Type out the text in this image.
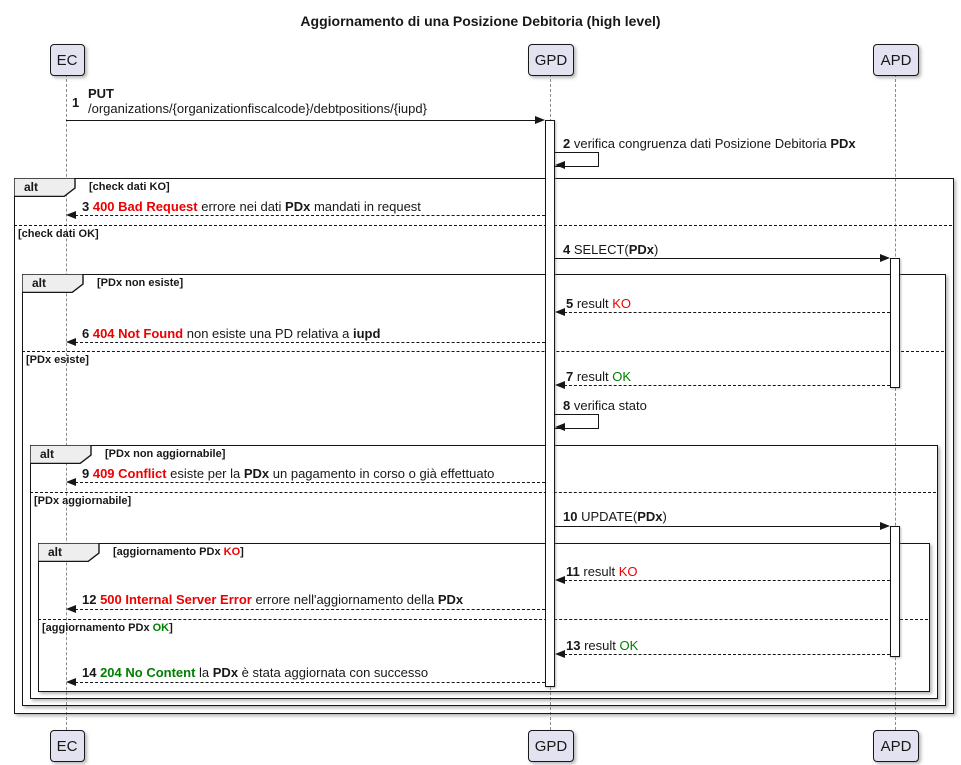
Aggiornamento di una Posizione Debitoria (high level)
alt	[check dati KO]
[check dati OK]
alt	[PDx non esiste]
[PDx esiste]
alt	[PDx non aggiornabile]
[PDx aggiornabile]
alt	[aggiornamento PDx KO]
[aggiornamento PDx OK]
PUT
/organizations/{organizationfiscalcode}/debtpositions/{iupd}
1
2 verifica congruenza dati Posizione Debitoria PDx
3 400 Bad Request errore nei dati PDx mandati in request
4 SELECT(PDx)
5 result KO
6 404 Not Found non esiste una PD relativa a iupd
7 result OK
8 verifica stato
9 409 Conflict esiste per la PDx un pagamento in corso o già effettuato
10 UPDATE(PDx)
11 result KO
12 500 Internal Server Error errore nell'aggiornamento della PDx
13 result OK
14 204 No Content la PDx è stata aggiornata con successo
EC
EC
GPD
GPD
APD
APD
